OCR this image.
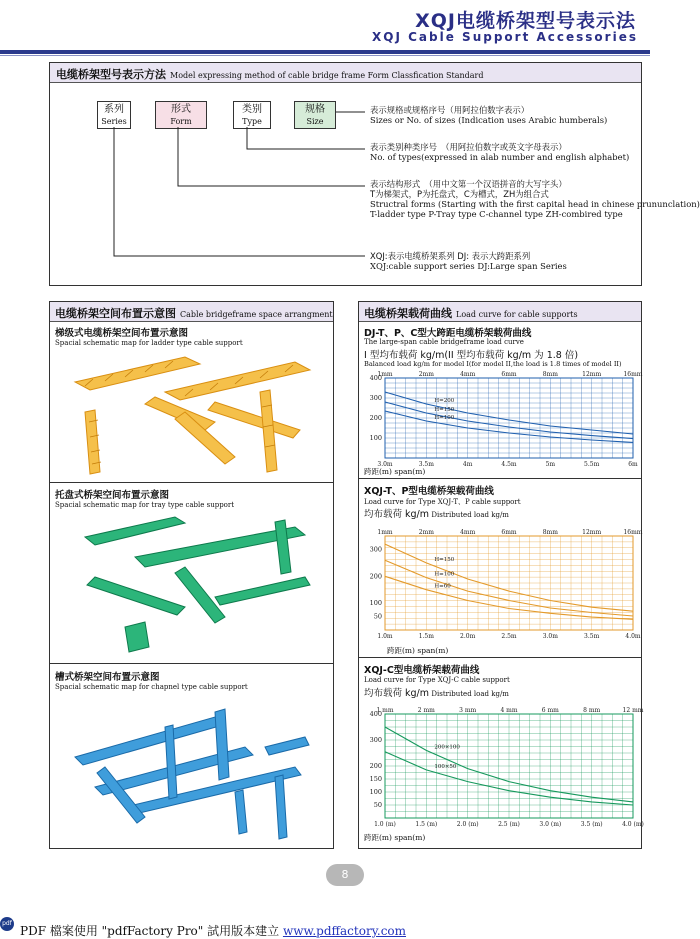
XQJ电缆桥架型号表示法
XQJ Cable Support Accessories
电缆桥架型号表示方法 Model expressing method of cable bridge frame Form Classfication Standard
系列
Series
形式
Form
类别
Type
规格
Size
表示规格或规格序号（用阿拉伯数字表示）
Sizes or No. of sizes (Indication uses Arabic humberals)
表示类别种类序号　（用阿拉伯数字或英文字母表示）
No. of types(expressed in alab number and english alphabet)
表示结构形式　（用中文第一个汉语拼音的大写字头）
T为梯架式，P为托盘式，C为槽式，ZH为组合式
Structral forms (Starting with the first capital head in chinese prununclation)
T-ladder type P-Tray type C-channel type ZH-combired type
XQJ:表示电缆桥架系列 DJ: 表示大跨距系列
XQJ:cable support series DJ:Large span Series
电缆桥架空间布置示意图 Cable bridgeframe space arrangment
梯级式电缆桥架空间布置示意图
Spacial schematic map for ladder type cable support
托盘式桥架空间布置示意图
Spacial schematic map for tray type cable support
槽式桥架空间布置示意图
Spacial schematic map for chapnel type cable support
电缆桥架载荷曲线 Load curve for cable supports
DJ-T、P、C型大跨距电缆桥架载荷曲线
The large-span cable bridgeframe load curve
I 型均布载荷 kg/m(II 型均布载荷 kg/m 为 1.8 倍)
Balanced load kg/m for model I(for model II,the load is 1.8 times of model II)
3.0m	3.5m	4m	4.5m	5m	5.5m	6m
1mm	2mm	4mm	6mm	8mm	12mm	16mm
100
200
300
400
H=200
H=150
H=100
跨距(m) span(m)
XQJ-T、P型电缆桥架载荷曲线
Load curve for Type XQJ-T、P cable support
均布载荷 kg/m Distributed load kg/m
1.0m	1.5m	2.0m	2.5m	3.0m	3.5m	4.0m
1mm	2mm	4mm	6mm	8mm	12mm	16mm
50
100
200
300
H=150
H=100
H=60
跨距(m) span(m)
XQJ-C型电缆桥架载荷曲线
Load curve for Type XQJ-C cable support
均布载荷 kg/m Distributed load kg/m
1.0 (m)	1.5 (m)	2.0 (m)	2.5 (m)	3.0 (m)	3.5 (m)	4.0 (m)
1 mm	2 mm	3 mm	4 mm	6 mm	8 mm	12 mm
50
100
150
200
300
400
200×100
100×50
跨距(m) span(m)
8
pdf
PDF 檔案使用 "pdfFactory Pro" 試用版本建立 www.pdffactory.com
